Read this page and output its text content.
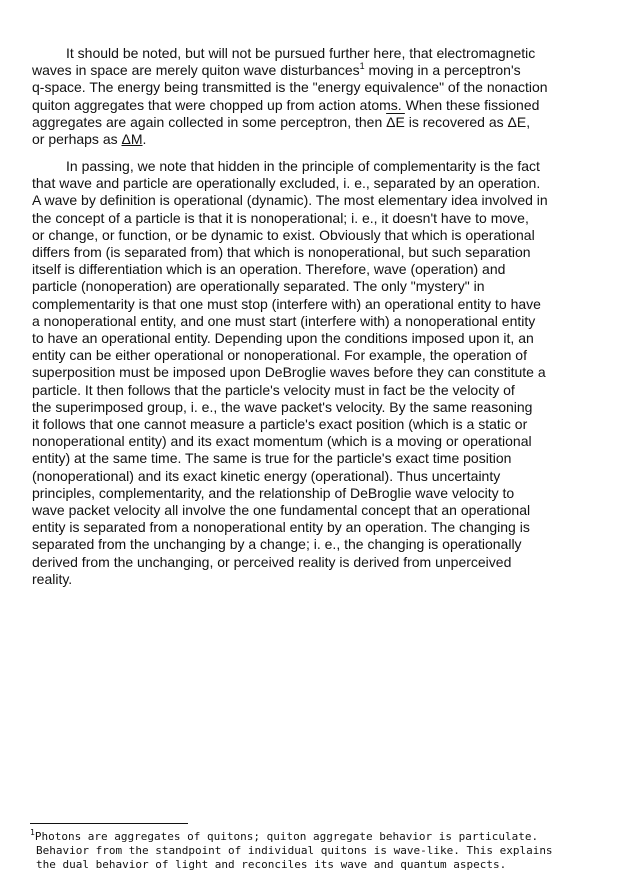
It should be noted, but will not be pursued further here, that electromagnetic
waves in space are merely quiton wave disturbances$^1$ moving in a perceptron's
q-space. The energy being transmitted is the "energy equivalence" of the nonaction
quiton aggregates that were chopped up from action atoms. When these fissioned
aggregates are again collected in some perceptron, then $\overline{\Delta E}$ is recovered as ΔE,
or perhaps as ΔM.

In passing, we note that hidden in the principle of complementarity is the fact
that wave and particle are operationally excluded, i. e., separated by an operation.
A wave by definition is operational (dynamic). The most elementary idea involved in
the concept of a particle is that it is nonoperational; i. e., it doesn't have to move,
or change, or function, or be dynamic to exist. Obviously that which is operational
differs from (is separated from) that which is nonoperational, but such separation
itself is differentiation which is an operation. Therefore, wave (operation) and
particle (nonoperation) are operationally separated. The only "mystery" in
complementarity is that one must stop (interfere with) an operational entity to have
a nonoperational entity, and one must start (interfere with) a nonoperational entity
to have an operational entity. Depending upon the conditions imposed upon it, an
entity can be either operational or nonoperational. For example, the operation of
superposition must be imposed upon DeBroglie waves before they can constitute a
particle. It then follows that the particle's velocity must in fact be the velocity of
the superimposed group, i. e., the wave packet's velocity. By the same reasoning
it follows that one cannot measure a particle's exact position (which is a static or
nonoperational entity) and its exact momentum (which is a moving or operational
entity) at the same time. The same is true for the particle's exact time position
(nonoperational) and its exact kinetic energy (operational). Thus uncertainty
principles, complementarity, and the relationship of DeBroglie wave velocity to
wave packet velocity all involve the one fundamental concept that an operational
entity is separated from a nonoperational entity by an operation. The changing is
separated from the unchanging by a change; i. e., the changing is operationally
derived from the unchanging, or perceived reality is derived from unperceived
reality.

$^1$Photons are aggregates of quitons; quiton aggregate behavior is particulate.
Behavior from the standpoint of individual quitons is wave-like. This explains
the dual behavior of light and reconciles its wave and quantum aspects.
